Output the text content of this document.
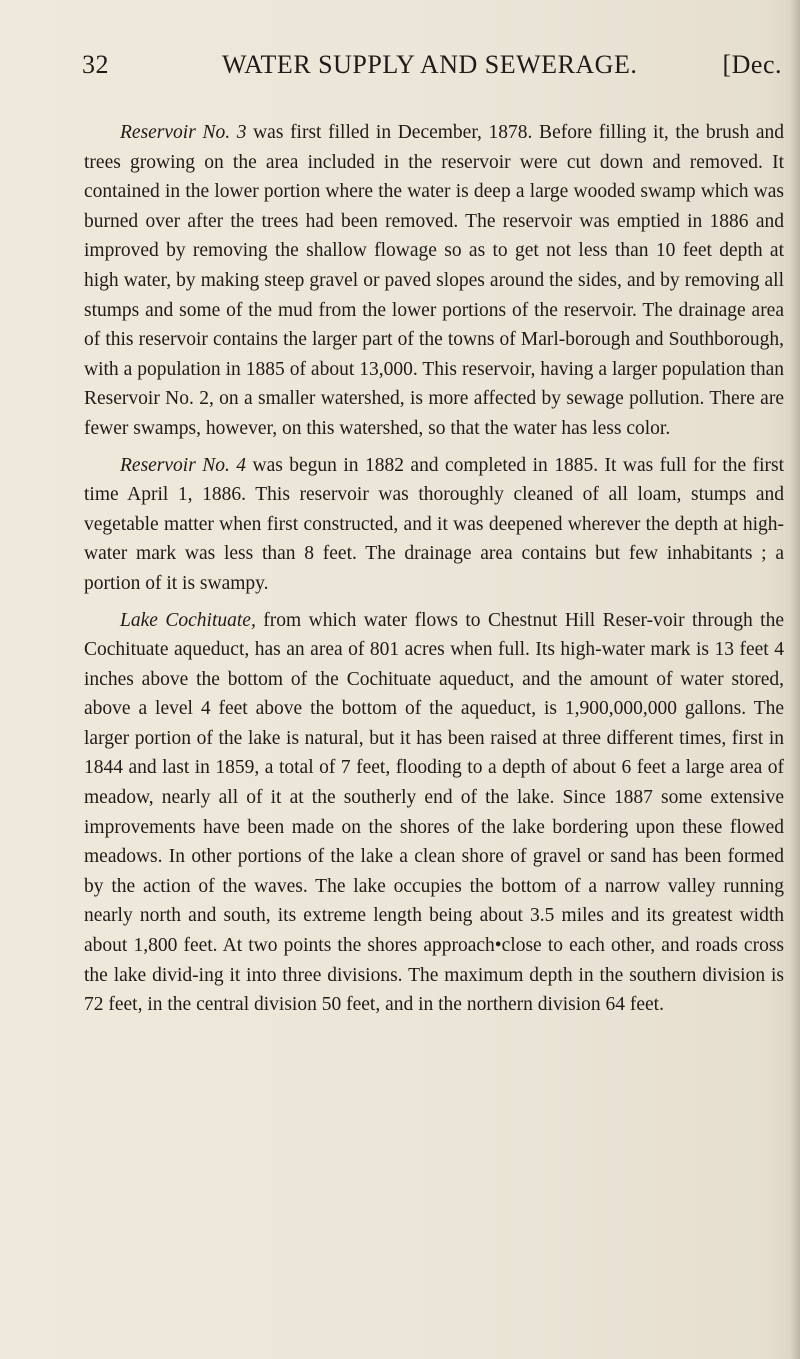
32	WATER SUPPLY AND SEWERAGE.	[Dec.

Reservoir No. 3 was first filled in December, 1878. Before filling it, the brush and trees growing on the area included in the reservoir were cut down and removed. It contained in the lower portion where the water is deep a large wooded swamp which was burned over after the trees had been removed. The reservoir was emptied in 1886 and improved by removing the shallow flowage so as to get not less than 10 feet depth at high water, by making steep gravel or paved slopes around the sides, and by removing all stumps and some of the mud from the lower portions of the reservoir. The drainage area of this reservoir contains the larger part of the towns of Marl-borough and Southborough, with a population in 1885 of about 13,000. This reservoir, having a larger population than Reservoir No. 2, on a smaller watershed, is more affected by sewage pollution. There are fewer swamps, however, on this watershed, so that the water has less color.

Reservoir No. 4 was begun in 1882 and completed in 1885. It was full for the first time April 1, 1886. This reservoir was thoroughly cleaned of all loam, stumps and vegetable matter when first constructed, and it was deepened wherever the depth at high-water mark was less than 8 feet. The drainage area contains but few inhabitants ; a portion of it is swampy.

Lake Cochituate, from which water flows to Chestnut Hill Reser-voir through the Cochituate aqueduct, has an area of 801 acres when full. Its high-water mark is 13 feet 4 inches above the bottom of the Cochituate aqueduct, and the amount of water stored, above a level 4 feet above the bottom of the aqueduct, is 1,900,000,000 gallons. The larger portion of the lake is natural, but it has been raised at three different times, first in 1844 and last in 1859, a total of 7 feet, flooding to a depth of about 6 feet a large area of meadow, nearly all of it at the southerly end of the lake. Since 1887 some extensive improvements have been made on the shores of the lake bordering upon these flowed meadows. In other portions of the lake a clean shore of gravel or sand has been formed by the action of the waves. The lake occupies the bottom of a narrow valley running nearly north and south, its extreme length being about 3.5 miles and its greatest width about 1,800 feet. At two points the shores approach•close to each other, and roads cross the lake divid-ing it into three divisions. The maximum depth in the southern division is 72 feet, in the central division 50 feet, and in the northern division 64 feet.
